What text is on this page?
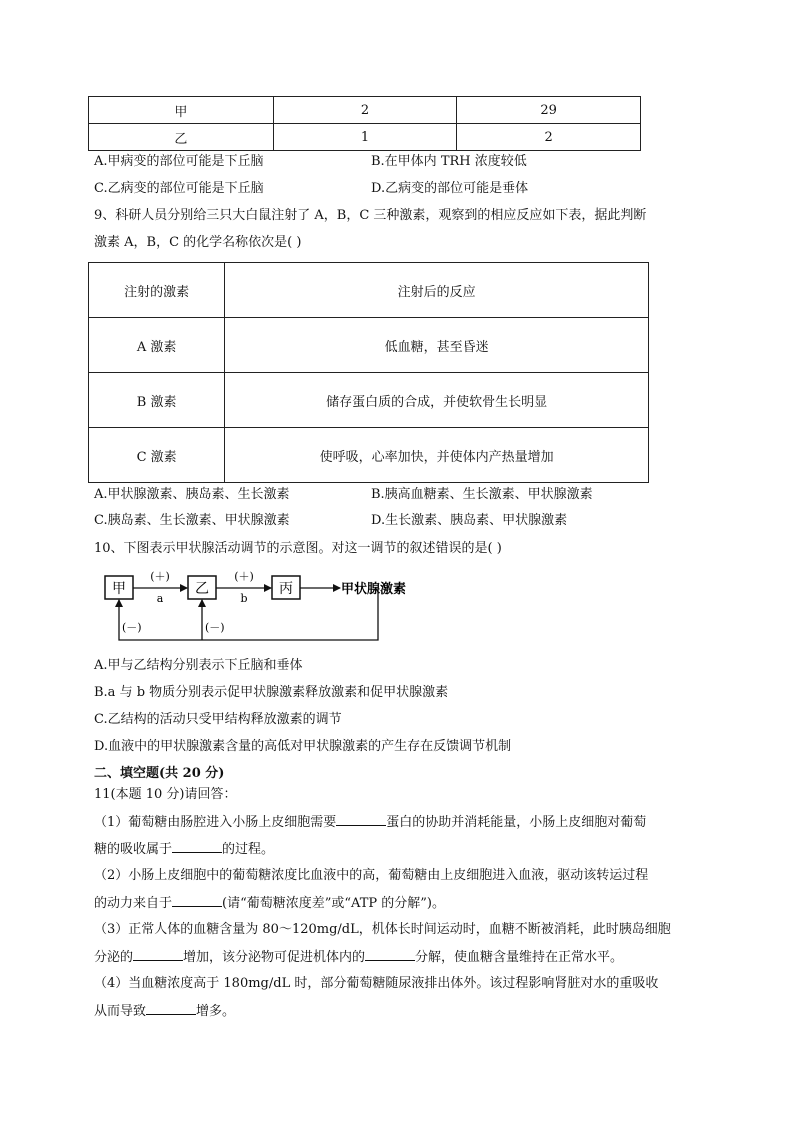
甲	2	29
乙	1	2
A.甲病变的部位可能是下丘脑	B.在甲体内 TRH 浓度较低
C.乙病变的部位可能是下丘脑	D.乙病变的部位可能是垂体
9、科研人员分别给三只大白鼠注射了 A，B，C 三种激素，观察到的相应反应如下表，据此判断
激素 A，B，C 的化学名称依次是( )
注射的激素	注射后的反应
A 激素	低血糖，甚至昏迷
B 激素	储存蛋白质的合成，并使软骨生长明显
C 激素	使呼吸，心率加快，并使体内产热量增加
A.甲状腺激素、胰岛素、生长激素	B.胰高血糖素、生长激素、甲状腺激素
C.胰岛素、生长激素、甲状腺激素	D.生长激素、胰岛素、甲状腺激素
10、下图表示甲状腺活动调节的示意图。对这一调节的叙述错误的是( )
甲	乙	丙
(＋)
a
(＋)
b
甲状腺激素
(－)	(－)
A.甲与乙结构分别表示下丘脑和垂体
B.a 与 b 物质分别表示促甲状腺激素释放激素和促甲状腺激素
C.乙结构的活动只受甲结构释放激素的调节
D.血液中的甲状腺激素含量的高低对甲状腺激素的产生存在反馈调节机制
二、填空题(共 20 分)
11(本题 10 分)请回答：
（1）葡萄糖由肠腔进入小肠上皮细胞需要	蛋白的协助并消耗能量，小肠上皮细胞对葡萄
糖的吸收属于	的过程。
（2）小肠上皮细胞中的葡萄糖浓度比血液中的高，葡萄糖由上皮细胞进入血液，驱动该转运过程
的动力来自于	(请“葡萄糖浓度差”或“ATP 的分解”)。
（3）正常人体的血糖含量为 80～120mg/dL，机体长时间运动时，血糖不断被消耗，此时胰岛细胞
分泌的	增加，该分泌物可促进机体内的	分解，使血糖含量维持在正常水平。
（4）当血糖浓度高于 180mg/dL 时，部分葡萄糖随尿液排出体外。该过程影响肾脏对水的重吸收
从而导致	增多。
